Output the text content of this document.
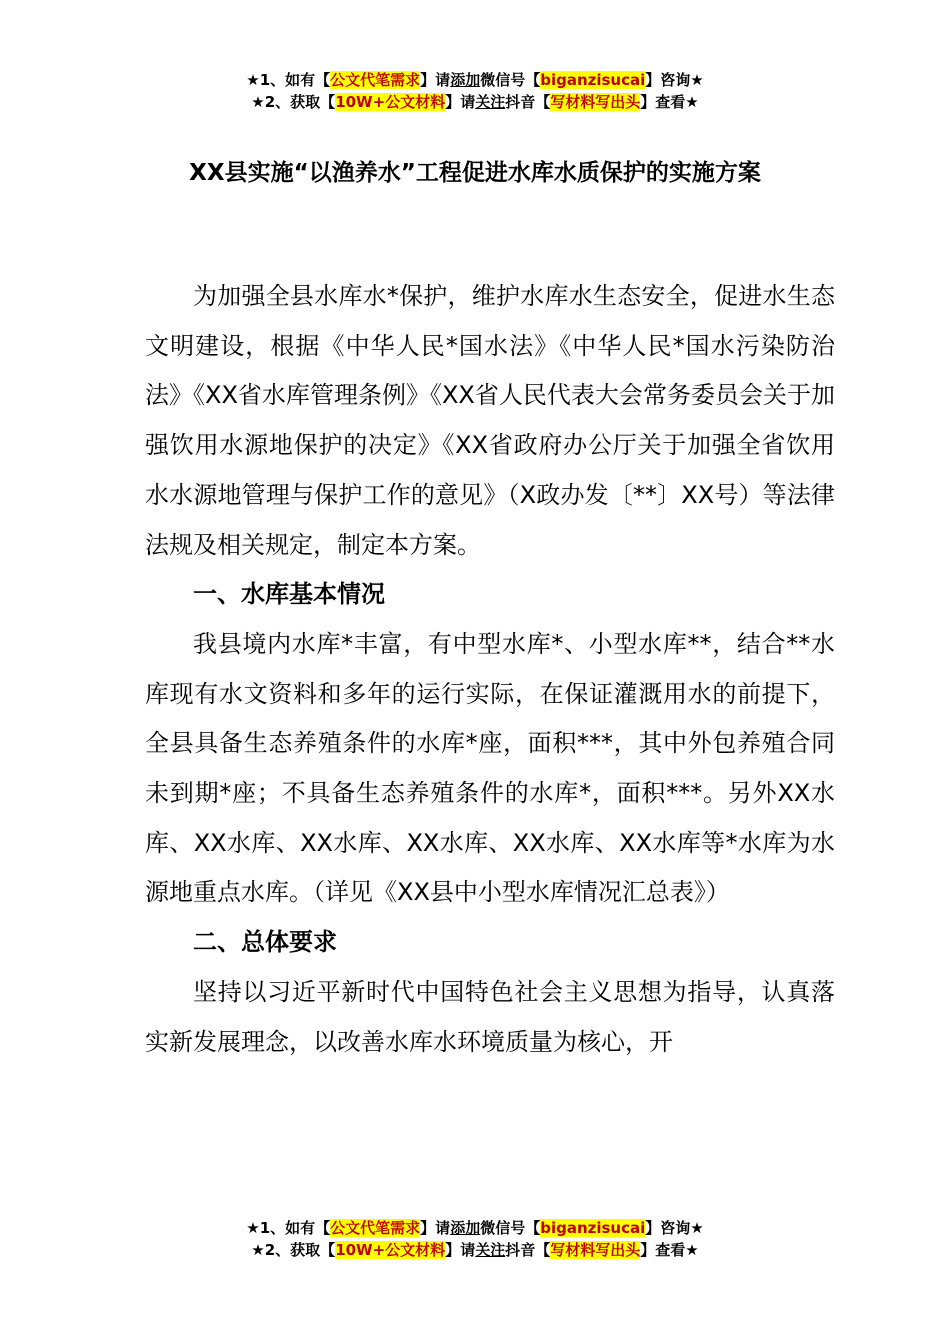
★1、如有【公文代笔需求】请添加微信号【biganzisucai】咨询★
★2、获取【10W+公文材料】请关注抖音【写材料写出头】查看★
XX县实施“以渔养水”工程促进水库水质保护的实施方案

为加强全县水库水*保护，维护水库水生态安全，促进水生态文明建设，根据《中华人民*国水法》《中华人民*国水污染防治法》《XX省水库管理条例》《XX省人民代表大会常务委员会关于加强饮用水源地保护的决定》《XX省政府办公厅关于加强全省饮用水水源地管理与保护工作的意见》（X政办发〔**〕XX号）等法律法规及相关规定，制定本方案。

一、水库基本情况

我县境内水库*丰富，有中型水库*、小型水库**，结合**水库现有水文资料和多年的运行实际，在保证灌溉用水的前提下，全县具备生态养殖条件的水库*座，面积***，其中外包养殖合同未到期*座；不具备生态养殖条件的水库*，面积***。另外XX水库、XX水库、XX水库、XX水库、XX水库、XX水库等*水库为水源地重点水库。（详见《XX县中小型水库情况汇总表》）

二、总体要求

坚持以习近平新时代中国特色社会主义思想为指导，认真落实新发展理念，以改善水库水环境质量为核心，开

★1、如有【公文代笔需求】请添加微信号【biganzisucai】咨询★
★2、获取【10W+公文材料】请关注抖音【写材料写出头】查看★
